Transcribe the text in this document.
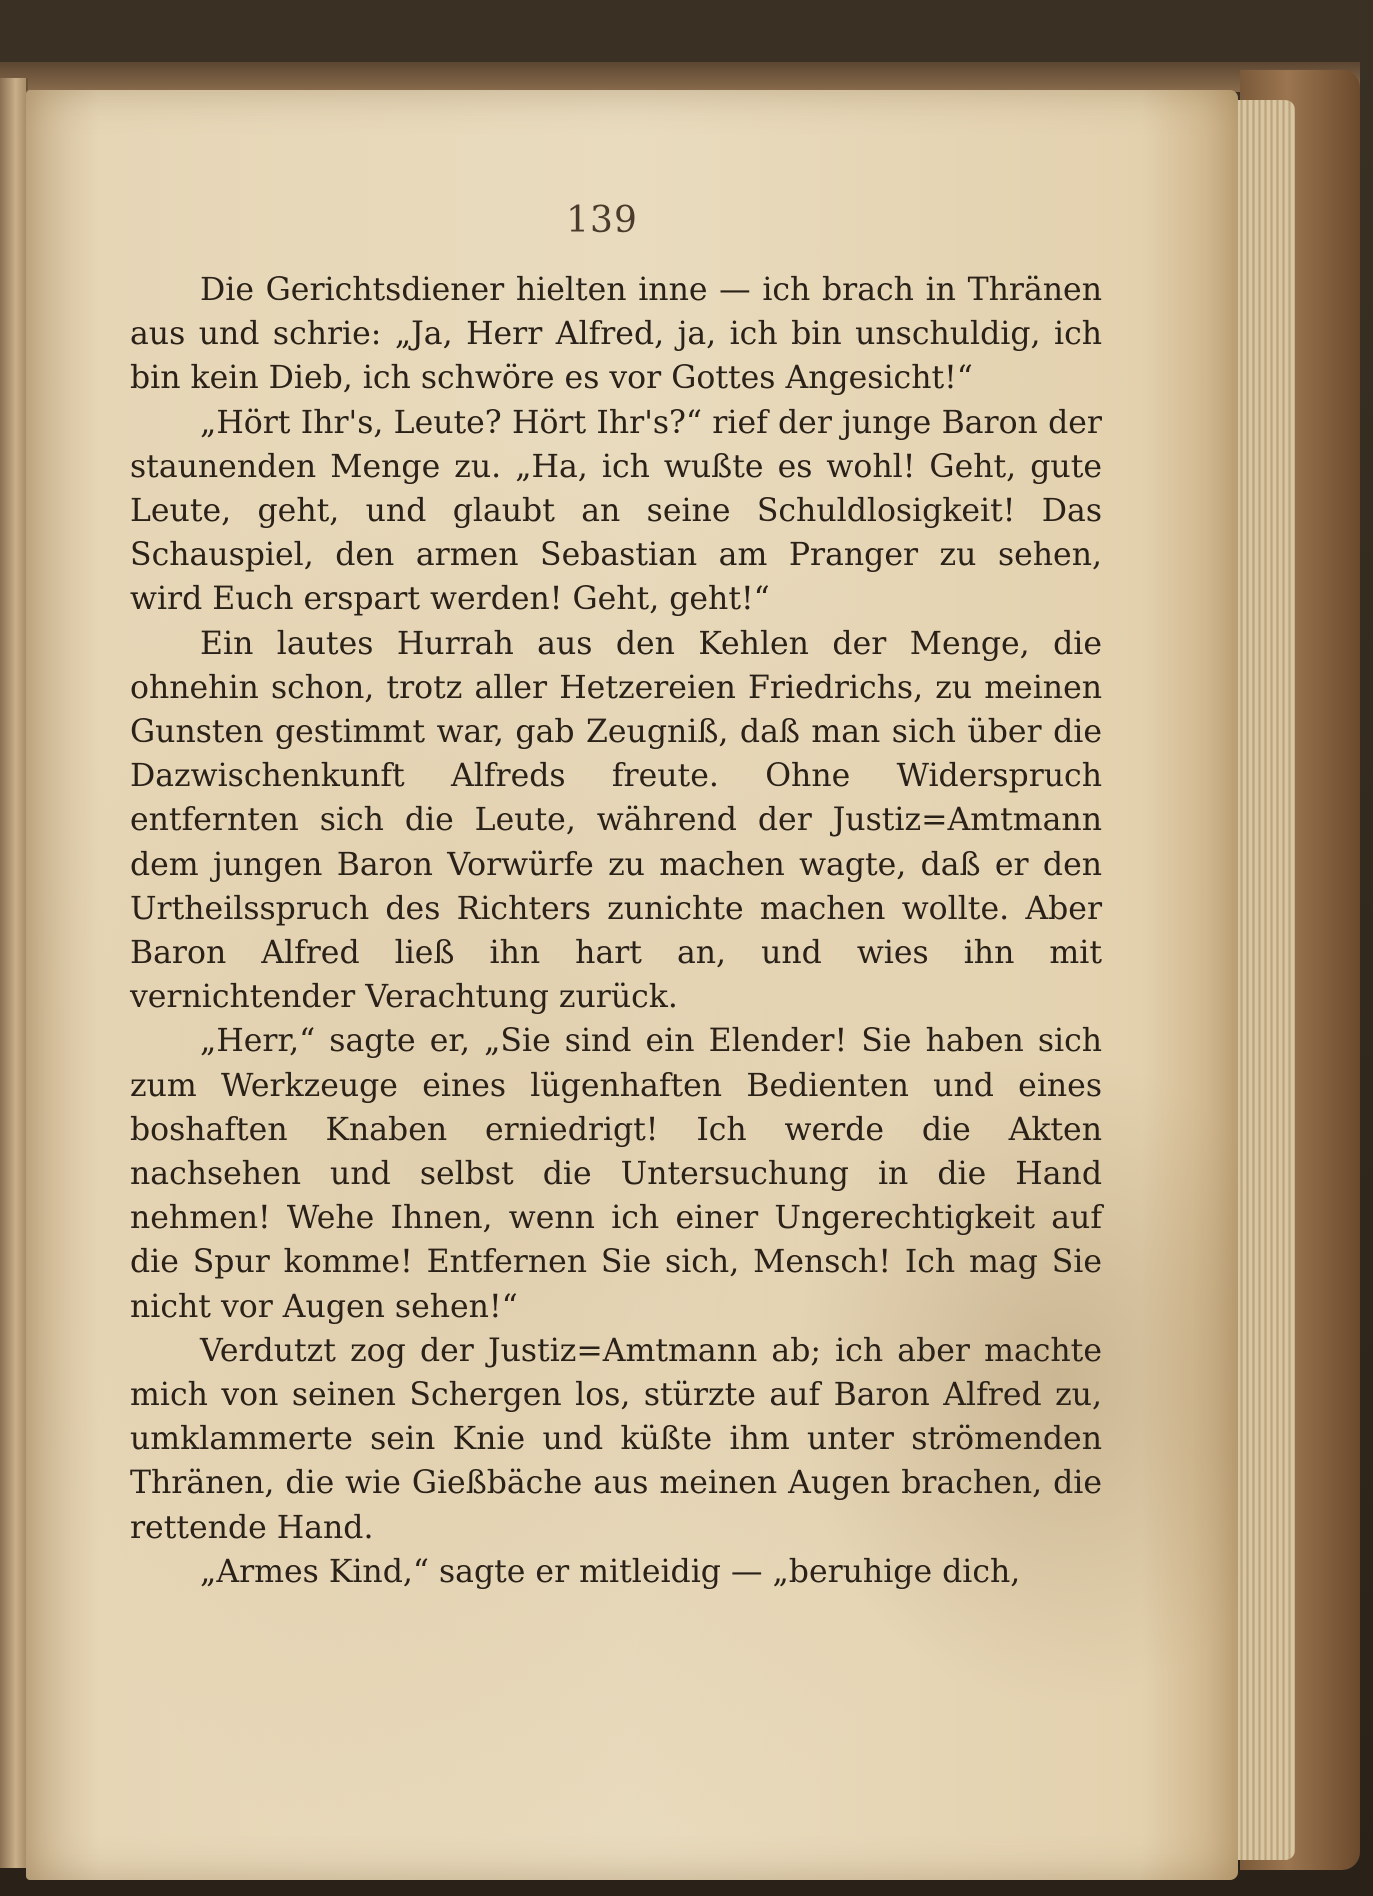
139

Die Gerichtsdiener hielten inne — ich brach in Thränen aus und schrie: „Ja, Herr Alfred, ja, ich bin unschuldig, ich bin kein Dieb, ich schwöre es vor Gottes Angesicht!“

„Hört Ihr's, Leute? Hört Ihr's?“ rief der junge Baron der staunenden Menge zu. „Ha, ich wußte es wohl! Geht, gute Leute, geht, und glaubt an seine Schuldlosigkeit! Das Schauspiel, den armen Sebastian am Pranger zu sehen, wird Euch erspart werden! Geht, geht!“

Ein lautes Hurrah aus den Kehlen der Menge, die ohnehin schon, trotz aller Hetzereien Friedrichs, zu meinen Gunsten gestimmt war, gab Zeugniß, daß man sich über die Dazwischenkunft Alfreds freute. Ohne Widerspruch entfernten sich die Leute, während der Justiz=Amtmann dem jungen Baron Vorwürfe zu machen wagte, daß er den Urtheilsspruch des Richters zunichte machen wollte. Aber Baron Alfred ließ ihn hart an, und wies ihn mit vernichtender Verachtung zurück.

„Herr,“ sagte er, „Sie sind ein Elender! Sie haben sich zum Werkzeuge eines lügenhaften Bedienten und eines boshaften Knaben erniedrigt! Ich werde die Akten nachsehen und selbst die Untersuchung in die Hand nehmen! Wehe Ihnen, wenn ich einer Ungerechtigkeit auf die Spur komme! Entfernen Sie sich, Mensch! Ich mag Sie nicht vor Augen sehen!“

Verdutzt zog der Justiz=Amtmann ab; ich aber machte mich von seinen Schergen los, stürzte auf Baron Alfred zu, umklammerte sein Knie und küßte ihm unter strömenden Thränen, die wie Gießbäche aus meinen Augen brachen, die rettende Hand.

„Armes Kind,“ sagte er mitleidig — „beruhige dich,
